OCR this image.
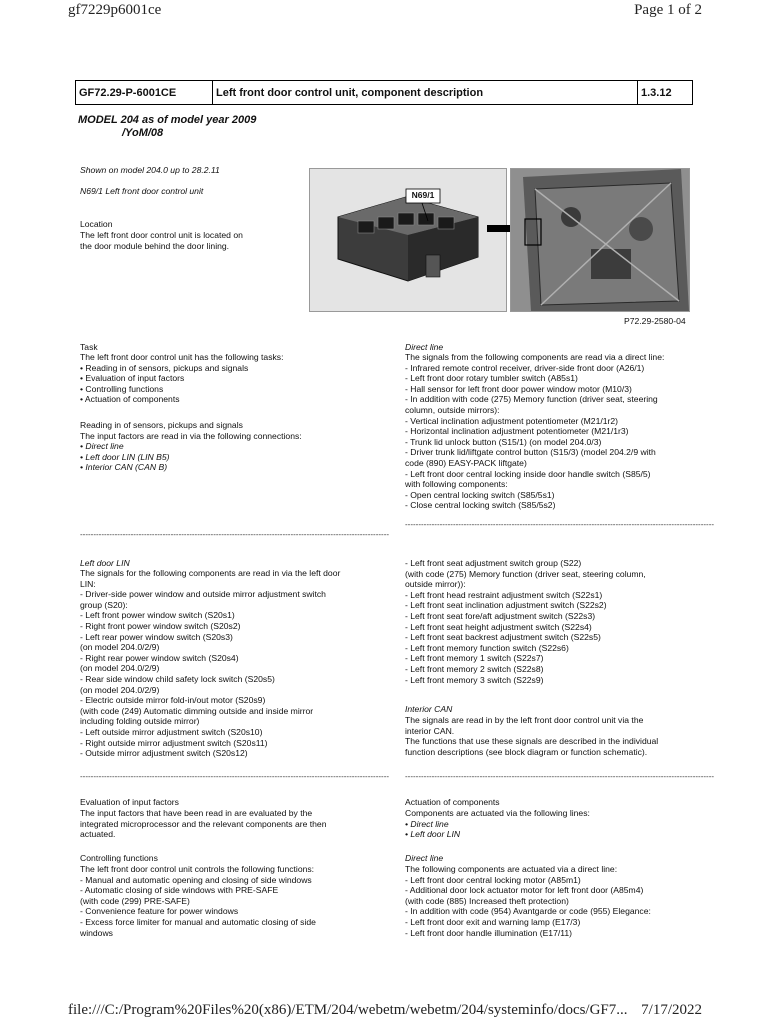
gf7229p6001ce	Page 1 of 2
GF72.29-P-6001CE	Left front door control unit, component description	1.3.12
MODEL 204 as of model year 2009
/YoM/08
Shown on model 204.0 up to 28.2.11
N69/1 Left front door control unit
Location
The left front door control unit is located on
the door module behind the door lining.
N69/1
P72.29-2580-04
Task
The left front door control unit has the following tasks:
• Reading in of sensors, pickups and signals
• Evaluation of input factors
• Controlling functions
• Actuation of components
Reading in of sensors, pickups and signals
The input factors are read in via the following connections:
• Direct line
• Left door LIN (LIN B5)
• Interior CAN (CAN B)
Direct line
The signals from the following components are read via a direct line:
- Infrared remote control receiver, driver-side front door (A26/1)
- Left front door rotary tumbler switch (A85s1)
- Hall sensor for left front door power window motor (M10/3)
- In addition with code (275) Memory function (driver seat, steering
column, outside mirrors):
- Vertical inclination adjustment potentiometer (M21/1r2)
- Horizontal inclination adjustment potentiometer (M21/1r3)
- Trunk lid unlock button (S15/1) (on model 204.0/3)
- Driver trunk lid/liftgate control button (S15/3) (model 204.2/9 with
code (890) EASY-PACK liftgate)
- Left front door central locking inside door handle switch (S85/5)
with following components:
- Open central locking switch (S85/5s1)
- Close central locking switch (S85/5s2)
--------------------------------------------------------------------------------------------------------------------
--------------------------------------------------------------------------------------------------------------------
Left door LIN
The signals for the following components are read in via the left door
LIN:
- Driver-side power window and outside mirror adjustment switch
group (S20):
- Left front power window switch (S20s1)
- Right front power window switch (S20s2)
- Left rear power window switch (S20s3)
(on model 204.0/2/9)
- Right rear power window switch (S20s4)
(on model 204.0/2/9)
- Rear side window child safety lock switch (S20s5)
(on model 204.0/2/9)
- Electric outside mirror fold-in/out motor (S20s9)
(with code (249) Automatic dimming outside and inside mirror
including folding outside mirror)
- Left outside mirror adjustment switch (S20s10)
- Right outside mirror adjustment switch (S20s11)
- Outside mirror adjustment switch (S20s12)
- Left front seat adjustment switch group (S22)
(with code (275) Memory function (driver seat, steering column,
outside mirror)):
- Left front head restraint adjustment switch (S22s1)
- Left front seat inclination adjustment switch (S22s2)
- Left front seat fore/aft adjustment switch (S22s3)
- Left front seat height adjustment switch (S22s4)
- Left front seat backrest adjustment switch (S22s5)
- Left front memory function switch (S22s6)
- Left front memory 1 switch (S22s7)
- Left front memory 2 switch (S22s8)
- Left front memory 3 switch (S22s9)
Interior CAN
The signals are read in by the left front door control unit via the
interior CAN.
The functions that use these signals are described in the individual
function descriptions (see block diagram or function schematic).
-------------------------------------------------------------------------------------------------------------------- --------------------------------------------------------------------------------------------------------------------
Evaluation of input factors
The input factors that have been read in are evaluated by the
integrated microprocessor and the relevant components are then
actuated.
Controlling functions
The left front door control unit controls the following functions:
- Manual and automatic opening and closing of side windows
- Automatic closing of side windows with PRE-SAFE
(with code (299) PRE-SAFE)
- Convenience feature for power windows
- Excess force limiter for manual and automatic closing of side
windows
Actuation of components
Components are actuated via the following lines:
• Direct line
• Left door LIN
Direct line
The following components are actuated via a direct line:
- Left front door central locking motor (A85m1)
- Additional door lock actuator motor for left front door (A85m4)
(with code (885) Increased theft protection)
- In addition with code (954) Avantgarde or code (955) Elegance:
- Left front door exit and warning lamp (E17/3)
- Left front door handle illumination (E17/11)
file:///C:/Program%20Files%20(x86)/ETM/204/webetm/webetm/204/systeminfo/docs/GF7... 7/17/2022
